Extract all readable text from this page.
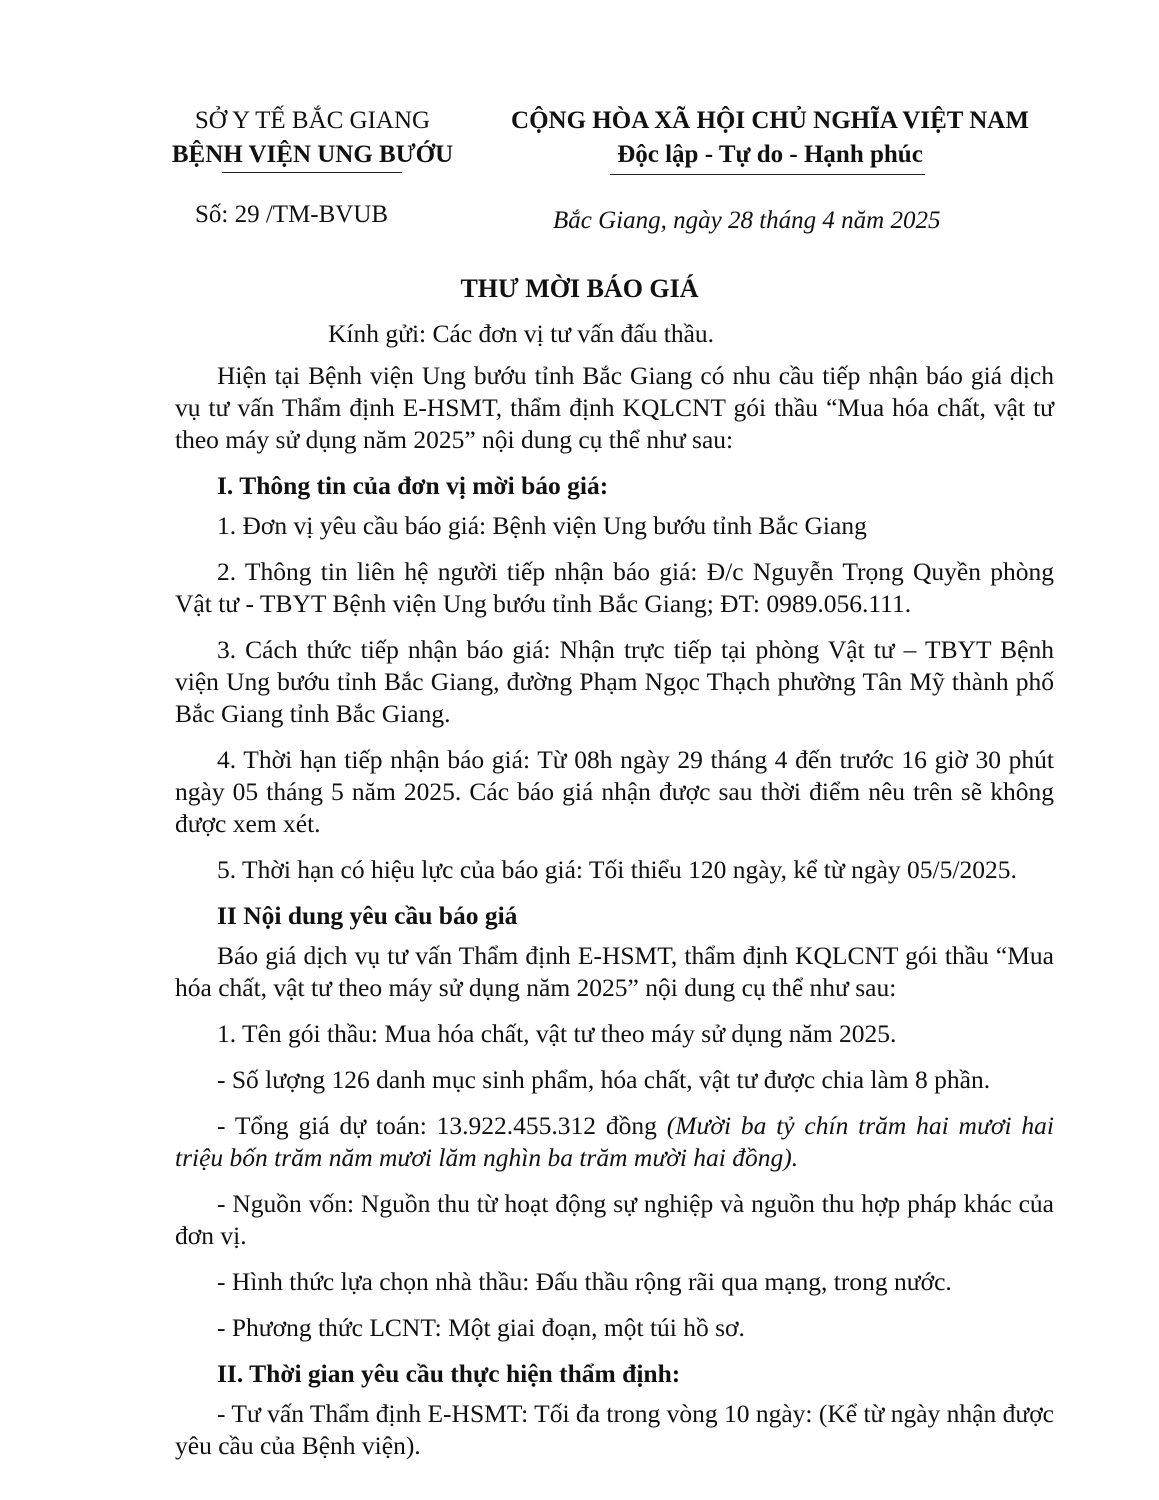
SỞ Y TẾ BẮC GIANG
BỆNH VIỆN UNG BƯỚU
CỘNG HÒA XÃ HỘI CHỦ NGHĨA VIỆT NAM
Độc lập - Tự do - Hạnh phúc
Số: 29 /TM-BVUB	Bắc Giang, ngày 28 tháng 4 năm 2025
THƯ MỜI BÁO GIÁ

Kính gửi: Các đơn vị tư vấn đấu thầu.

Hiện tại Bệnh viện Ung bướu tỉnh Bắc Giang có nhu cầu tiếp nhận báo giá dịch vụ tư vấn Thẩm định E-HSMT, thẩm định KQLCNT gói thầu “Mua hóa chất, vật tư theo máy sử dụng năm 2025” nội dung cụ thể như sau:

I. Thông tin của đơn vị mời báo giá:

1. Đơn vị yêu cầu báo giá: Bệnh viện Ung bướu tỉnh Bắc Giang

2. Thông tin liên hệ người tiếp nhận báo giá: Đ/c Nguyễn Trọng Quyền phòng Vật tư - TBYT Bệnh viện Ung bướu tỉnh Bắc Giang; ĐT: 0989.056.111.

3. Cách thức tiếp nhận báo giá: Nhận trực tiếp tại phòng Vật tư – TBYT Bệnh viện Ung bướu tỉnh Bắc Giang, đường Phạm Ngọc Thạch phường Tân Mỹ thành phố Bắc Giang tỉnh Bắc Giang.

4. Thời hạn tiếp nhận báo giá: Từ 08h ngày 29 tháng 4 đến trước 16 giờ 30 phút ngày 05 tháng 5 năm 2025. Các báo giá nhận được sau thời điểm nêu trên sẽ không được xem xét.

5. Thời hạn có hiệu lực của báo giá: Tối thiểu 120 ngày, kể từ ngày 05/5/2025.

II Nội dung yêu cầu báo giá

Báo giá dịch vụ tư vấn Thẩm định E-HSMT, thẩm định KQLCNT gói thầu “Mua hóa chất, vật tư theo máy sử dụng năm 2025” nội dung cụ thể như sau:

1. Tên gói thầu: Mua hóa chất, vật tư theo máy sử dụng năm 2025.

- Số lượng 126 danh mục sinh phẩm, hóa chất, vật tư được chia làm 8 phần.

- Tổng giá dự toán: 13.922.455.312 đồng (Mười ba tỷ chín trăm hai mươi hai triệu bốn trăm năm mươi lăm nghìn ba trăm mười hai đồng).

- Nguồn vốn: Nguồn thu từ hoạt động sự nghiệp và nguồn thu hợp pháp khác của đơn vị.

- Hình thức lựa chọn nhà thầu: Đấu thầu rộng rãi qua mạng, trong nước.

- Phương thức LCNT: Một giai đoạn, một túi hồ sơ.

II. Thời gian yêu cầu thực hiện thẩm định:

- Tư vấn Thẩm định E-HSMT: Tối đa trong vòng 10 ngày: (Kể từ ngày nhận được yêu cầu của Bệnh viện).
